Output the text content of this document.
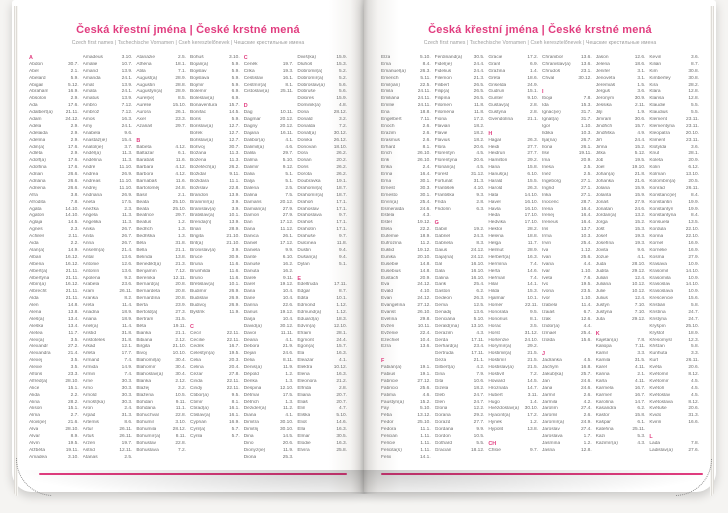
Česká křestní jména | České krstné mená
Czech first names | Tschechische Vornamen | Cseh keresztelőnevek | Чешские крестильные имена
A
Abdon	30.7.
Ábel	2.1.
Abelard	5.9.
Abigail	5.12.
Abrahám	16.9.
Absolon	2.9.
Ada	17.6.
Adalbert(a)	21.11.
Adam	24.12.
Adéla	2.9.
Adelaida	2.9.
Adelína	2.9.
Adin(a)	17.6.
Adléta	2.9.
Adolf(a)	17.6.
Adolfína	17.6.
Adrian	26.6.
Adriána	26.6.
Adriena	26.6.
Afra	3.8.
Afrodita	7.8.
Agáta	14.10.
Agaton	14.10.
Aglaja	14.5.
Agnes	2.3.
Achiles	2.11.
Aida	2.2.
Alan(a)	14.9.
Alban	16.12.
Albena	16.12.
Albert(a)	21.11.
Albertýna	21.11.
Albín(a)	16.12.
Albrecht	21.11.
Alda	21.11.
Alen	14.8.
Alena	13.8.
Aleš(a)	13.4.
Aleška	13.4.
Aletea	11.7.
Alex(a)	3.5.
Alexandr	27.2.
Alexandra	21.4.
Alexej	3.5.
Alexie	3.5.
Alfons	23.3.
Alfréd(a)	28.10.
Alice	15.1.
Alida	2.2.
Alina	28.2.
Alison	15.1.
Alma	2.7.
Alois(ie)	21.6.
Alva	28.10.
Alvar	8.9.
Alvín	19.5.
Alžběta	19.11.
Amadea	3.10.
Amadeus	3.10.
Amálie	10.7.
Amand	13.9.
Amanda	24.1.
Amát	13.9.
Amáta	24.1.
Amatus	13.9.
Ambro	7.12.
Ambrož	7.12.
Ámos	16.3.
Amy	24.1.
Anabela	9.6.
Anastáz(ie)	15.4.
Anatol(ie)	3.7.
Anděl(a)	11.3.
Andělína	11.3.
André	11.10.
Andrea	26.9.
Andreas	11.10.
Andrej	11.10.
Andriana	26.9.
Aneta	17.5.
Anežka	2.3.
Angela	11.3.
Angelika	11.3.
Anika	26.7.
Anita	26.7.
Anna	26.7.
Anselm(a)	21.4.
Antal	13.6.
Antonie	12.6.
Antonín	13.6.
Apolena	9.2.
Arabela	23.6.
Aram	26.11.
Aranka	8.2.
Areta	11.4.
Ariadna	18.9.
Ariana	18.9.
Ariel(a)	11.4.
Aristid	31.8.
Aristoteles	31.8.
Arkád	12.1.
Arleta	17.7.
Armand	7.4.
Armida	14.9.
Armin	7.4.
Arne	30.3.
Arno	30.3.
Arnold	30.3.
Arnošt(ka)	30.3.
Áron	2.4.
Arpád	31.3.
Artemis	8.6.
Artur	26.11.
Artuš	26.11.
Arzen	19.7.
Astrid	12.11.
Atanas	2.5.
Atanázie	2.5.
Athéna	18.1.
Atila	7.1.
August(a)	28.9.
Augustin	28.8.
Augustýn(a)	28.9.
Aurel(ie)	8.5.
Aurélie	15.10.
Aurora	26.1.
Axel	23.3.
Azariáš	29.7.
B
Babeta	4.12.
Baltazar	6.1.
Barabáš	11.6.
Barbara	4.12.
Barbora	4.12.
Barnabáš	11.6.
Bartoloměj	24.8.
Basil	2.1.
Beata	25.10.
Beáta	25.10.
Beatrice	29.7.
Beatus	1.2.
Bedřich	1.3.
Bedřiška	1.3.
Běla	31.8.
Bella	21.1.
Belinda	13.8.
Benedikt(a)	21.3.
Benjamín	7.12.
Berenika	12.11.
Bernard(a)	20.8.
Bernardeta	20.8.
Bernardína	20.8.
Berta	23.9.
Bertold(a)	27.3.
Bertram	31.5.
Běta	19.11.
Bianka	21.1.
Bibiana	2.12.
Birgita	21.10.
Bivoj	10.10.
Blahomil(a)	30.4.
Blahomír	30.4.
Blahoslav(a)	30.4.
Blanka	2.12.
Blažej	3.2.
Blažena	10.5.
Bohdan	9.11.
Bohdana	11.1.
Bohuchval	22.8.
Bohumil	3.10.
Bohumila	28.12.
Bohumír(a)	8.11.
Bohuslav	22.8.
Bohuslava	7.2.
Bohuš	3.10.
Bojan(a)	5.9.
Bojislav	5.9.
Bojislava	5.9.
Bojmír	5.9.
Bolemír	6.9.
Boleslav(a)	6.9.
Bonaventura 15.7.
Bonifác	14.5.
Boris	5.9.
Borislav(a)	12.7.
Bořek	12.7.
Bořislav(a)	12.7.
Bořivoj	30.7.
Božana	11.3.
Božena	11.3.
Božetěch(a)	26.2.
Božidar	9.11.
Božidara	11.1.
Božislav	22.8.
Brandon	13.9.
Branimír(a)	3.9.
Branislav(a)	3.9.
Bratislav(a)	10.1.
Brenda(n)	13.9.
Brian	28.9.
Brigita	21.10.
Brit(a)	21.10.
Bronislav(a)	3.9.
Bruce	30.9.
Bruna	11.6.
Brunhilda	11.6.
Bruno	11.6.
Břetislav(a)	10.1.
Budimír	26.9.
Budislav	26.9.
Budivoj	26.9.
Bystrík	11.9.
C
Cecil	22.11.
Cecílie	22.11.
Cedrik	16.7.
Celestýn(a)	19.5.
Celia	20.3.
Celina	20.4.
Cézar	27.8.
Cinda	22.11.
Cindy	22.11.
Ctibor(a)	9.5.
Ctimír	8.1.
Ctirad(a)	16.1.
Ctislav(a)	16.1.
Cyprián	16.9.
Cyril(a)	5.7.
Cyrila	5.7.
Č
Čeněk	19.7.
Čílka	19.3.
Čestislav	16.1.
Čestmír(a)	8.1.
Čistoslav(a) 25.11.
D
Dag	10.11.
Dagmar	20.12.
Dagny	20.12.
Dajana	16.11.
Dalibor(a)	4.1.
Dalimil(a)	4.6.
Dalila	29.7.
Dalma	5.10.
Dalimír	9.12.
Dalia	5.1.
Dalja	5.1.
Dalena	2.5.
Dalina	7.5.
Damaris	20.12.
Damián(a)	27.9.
Damon	27.9.
Dan	17.12.
Dana	11.12.
Danica	26.1.
Daniel	17.12.
Daniela	9.9.
Dante	6.10.
Danuše	16.2.
Danuta	16.2.
Darek	9.11.
Darel	19.12.
Daria	10.4.
Darie	10.4.
Darina	22.6.
Darius	19.12.
Darja	10.4.
David(a)	30.12.
Davor	11.11.
Deana	4.1.
Debora	21.9.
Dejan	24.6.
Delia	8.11.
Denis(a)	11.9.
Děpold	1.2.
Derika	1.3.
Despina	12.10.
Dětmar	17.5.
Dětřich	1.3.
Dezider(a)	11.2.
Diana	4.1.
Dimitra	30.10.
Dimitrij	30.10.
Dina	14.5.
Dino	20.6.
Dionýz(ie)	11.9.
Diona	25.3.
Diviš(ka)	15.9.
Dluhoš	15.3.
Dobromil(a)	5.2.
Dobromír(a)	5.2.
Dobroslav(a)	5.6.
Dobruše	5.6.
Dolores	15.9.
Dominik(a)	4.8.
Dona	28.12.
Donald	3.2.
Donalda	7.2.
Donát(a)	30.12.
Donika	26.12.
Donovan	18.10.
Dora	26.2.
Dorián	20.2.
Doris	26.2.
Dorota	26.2.
Doubravka	19.1.
Drahomil(a)	18.7.
Drahomír(a)	18.7.
Drahoň	17.1.
Drahoslav	17.1.
Drahoslava	9.7.
Drahoš	17.1.
Drahotín	17.1.
Drahuše	9.7.
Dulcinea	11.8.
Dustin	9.4.
Dušan(a)	9.4.
Dylan	5.1.
E
Edeltruda	17.11.
Edgar	8.7.
Edita	10.1.
Edmond	1.12.
Edmund(a)	1.12.
Eduard(a)	18.3.
Edvín(a)	12.10.
Efraim	28.1.
Egmont	24.4.
Egon(a)	15.7.
Ela	16.3.
Eleazar	4.1.
Elektra	10.12.
Elena	16.3.
Eleonora	21.2.
Elfrída	2.8.
Eliana	20.7.
Eliáš	20.7.
Elin	4.7.
Eliška	5.10.
Eliot	14.6.
Ella	16.3.
Elmar	30.5.
Elodie	16.3.
Elvíra	25.8.
Česká křestní jména | České krstné mená
Czech first names | Tschechische Vornamen | Cseh keresztelőnevek | Чешские крестильные имена
Elza	5.10.
Ema	8.4.
Emanuel(a)	26.3.
Emerich	5.11.
Emil(ián)	22.5.
Emila	24.11.
Emiliána	24.11.
Emílie	24.11.
Ena	18.8.
Engelbert	7.11.
Enoch	2.6.
Erazim	2.6.
Erasmus	2.6.
Erhard	8.1.
Erich	26.10.
Erik	26.10.
Erika	2.4.
Erína	16.4.
Erna	30.1.
Ernest	30.3.
Ernesto	30.1.
Ervín(a)	25.4.
Esmeralda	24.6.
Estela	4.3.
Ester	19.12.
Etela	22.2.
Eufemie	18.9.
Eufrozína	11.2.
Euklid	19.12.
Eunika	20.10.
Eusebie	14.8.
Eusebius	14.8.
Eustach	20.9.
Eva	24.12.
Evald	4.10.
Evan	24.12.
Evangelína	27.12.
Evarist	26.10.
Evelína	29.8.
Evžen	10.11.
Evženie	22.4.
Ezechiel	10.4.
Ezra	13.6.
F
Fabián(a)	19.1.
Fabius	19.1.
Fabricie	27.12.
Fabricio	25.6.
Fatima	4.6.
Faustýn(a)	15.2.
Fay	5.10.
Féba	13.12.
Fedor	25.10.
Fedora	11.1.
Felicián	1.11.
Felície	1.11.
Felicita(s)	1.11.
Felix	14.1.
Ferdinand(a) 30.5.
Fidel(ie)	24.4.
Fidelius	24.4.
Filemon	21.3.
Filibert	26.5.
Filip(a)	26.5.
Filipína	26.5.
Filomen	11.8.
Filoména	11.8.
Fiona	17.2.
Flavián	18.2.
Flavie	18.2.
Flavius	18.2.
Flóra	20.6.
Florentýn	4.5.
Florentýna	20.6.
Florián(a)	4.5.
Forest	31.12.
Fortunát	31.3.
František	4.10.
Františka	9.3.
Frída	2.8.
Fridolín	6.3.
G
Gabin	19.2.
Gabriel	24.3.
Gabriela	8.3.
Gaius	24.12.
Gaja(na)	24.12.
Gál	16.10.
Gala	16.10.
Galina	16.10.
Garik	25.4.
Gaston	6.2.
Gedeon	26.3.
Gema	12.5.
Genadij	13.6.
Genciána	5.10.
Gerald(ína)	13.10.
Gerazim	4.3.
Gerda	17.11.
Gerhard(a)	23.4.
Gertruda	17.11.
Géza	21.1.
Gilbert(a)	4.2.
Gina	7.9.
Gita	10.6.
Gizela	18.2.
Gleb	24.7.
Glen	24.7.
Gloria	12.2.
Gorana	29.2.
Gorazd	27.7.
Gordana	9.9.
Gordon	10.5.
Gothard	5.5.
Gracián	18.12.
Grácie	17.2.
Grant	6.9.
Gražina	1.4.
Gréta	18.6.
Griselda	24.9.
Gudrun	15.1.
Gunter	9.10.
Gustav(a)	2.8.
Gustýna	2.8.
Gvendolína	21.1.
H
Hagar	26.3.
Heidi	27.7.
Heidrun	27.7.
Hamilton	29.2.
Hana	15.8.
Hanuš(a)	6.10.
Harald	15.5.
Harold	26.3.
Háta	14.10.
Havel	16.10.
Havla	16.10.
Heda	17.10.
Hedvika	17.10.
Hektor	28.2.
Helena	18.8.
Helga	11.7.
Helmut	28.9.
Herbert(a)	16.3.
Hermína	7.4.
Herta	14.6.
Heřman	7.4.
Hilar	14.1.
Hilda	15.3.
Hjalmar	10.1.
Homér	22.11.
Honorata	9.5.
Honorius	8.1.
Horác	3.5.
Horst	31.12.
Hortenzie	24.10.
Horymír(a)	29.2.
Hostimil(a)	21.5.
Hostimír	21.5.
Hostislav(a)	21.5.
Hostivít	7.2.
Howard	14.5.
Hroznata	14.7.
Hubert	3.11.
Hugo	1.4.
Hvězdoslav(a) 30.10.
Hyacint(a)	17.2.
Hynek	1.2.
Hypolit	13.8.
CH
Chloe	9.7.
Chranibor	13.6.
Chranislav(a) 13.6.
Chrudoš	23.1.
Chval	30.12.
I
Iboja	7.8.
Ida	15.3.
Ignác(ie)	31.7.
Ignát(a)	31.7.
Igor	1.10.
Ildika	10.3.
Ilja(na)	26.7.
Ilona	26.1.
Ilse	19.11.
Ima	20.9.
Inesa	2.5.
Inéz	2.5.
Ingeborg	27.1.
Ingrid	27.1.
Inka	27.1.
Inocenc	28.7.
Irena	16.4.
Irenej	16.4.
Ireneus	16.4.
Iris	13.7.
Irma	10.3.
Irvin	25.4.
Iva	1.12.
Ivan	25.6.
Ivana	4.4.
Ivar	1.10.
Iveta	7.6.
Ivo	19.5.
Ivona	23.5.
Ivor	1.10.
Izabela	11.4.
Izaiáš	6.7.
Izák	12.6.
Izidor(a)	4.4.
Izmael	25.4.
Izolda	15.6.
J
Jadranka	4.5.
Jáchym	16.8.
Jakub(ka)	25.7.
Jan	24.6.
Jana	24.6.
Jarmil	2.6.
Jarmila	4.2.
Jarolím	27.4.
Jaromil	2.6.
Jaromír(a)	24.9.
Jaroslav	27.4.
Jaroslava	1.7.
Jasmína	1.2.
Jasna	12.8.
Jason	12.6.
Jelena	18.6.
Jenifer	3.1.
Jenovéfa	3.1.
Jeremiáš	1.5.
Jerguš	3.6.
Jeroným	30.9.
Jessika	2.11.
Jiljí	1.9.
Jimram	30.6.
Jindřich	15.7.
Jindřiška	4.9.
Jiří	24.4.
Jiřina	15.2.
Jitka	5.12.
Job	19.5.
Joel	19.10.
Johan(a)	21.8.
Johanka	21.6.
Jolana	15.9.
Jolanta	15.9.
Jonáš	27.9.
Jonatan	24.6.
Jordan(a)	13.2.
Jorga	15.2.
Jošt	15.3.
Josef	19.3.
Josefína	19.3.
Jovita	9.6.
Jozue	4.1.
Juda	28.10.
Judita	29.12.
Julián	12.4.
Juliána	10.12.
Julie	10.12.
Julius	12.4.
Justýn	7.10.
Justýna	7.10.
Juta	29.12.
K
Kajetán(a)	7.8.
Kaliopa	7.11.
Kamil	3.3.
Kamila	31.5.
Karel	4.11.
Karina	2.1.
Karla	4.11.
Karmela	16.7.
Karmen	16.7.
Karolína	14.7.
Kasandra	6.2.
Kastor	15.8.
Kašpar	6.1.
Kateřina	25.11.
Kazi	5.3.
Kazimír(a)	4.3.
Kevin	3.6.
Kilián	8.7.
Kim	30.8.
Kimberley	30.8.
Kira	28.2.
Klára	12.8.
Klarisa	12.8.
Klaudie	5.5.
Klaudius	5.5.
Klement	23.11.
Klementýna 23.11.
Kleopatra	20.10.
Kliment	23.11.
Klotylda	3.6.
Knut	28.1.
Koleta	20.9.
Kolin	6.12.
Kolman	13.10.
Kolombín(a)	20.5.
Konrád	26.11.
Konstanc(ie)	8.4.
Konstantin	19.9.
Konstantýn	19.9.
Konstantýna	8.4.
Konsuela	13.5.
Kordula	22.10.
Korina	22.10.
Kornel	16.9.
Kornélie	16.9.
Kosma	27.9.
Krasava	10.9.
Krasomil	14.10.
Krasomila	10.9.
Krasoslav	14.10.
Krasoslava	10.9.
Krescencie	15.6.
Kristián	5.8.
Kristína	24.7.
Kristýna	24.7.
Kryšpín	25.10.
Kryštof	18.9.
Křesomysl	12.3.
Křišťan	5.8.
Kunhuta	3.3.
Kurt	26.11.
Květa	20.6.
Květomil	8.12.
Květomír	4.5.
Květoň	4.5.
Květoslav	4.5.
Květoslava	8.12.
Květuše	20.6.
Kvido	31.3.
Kvirin	16.6.
L
Lada	7.8.
Ladislav(a)	27.6.
